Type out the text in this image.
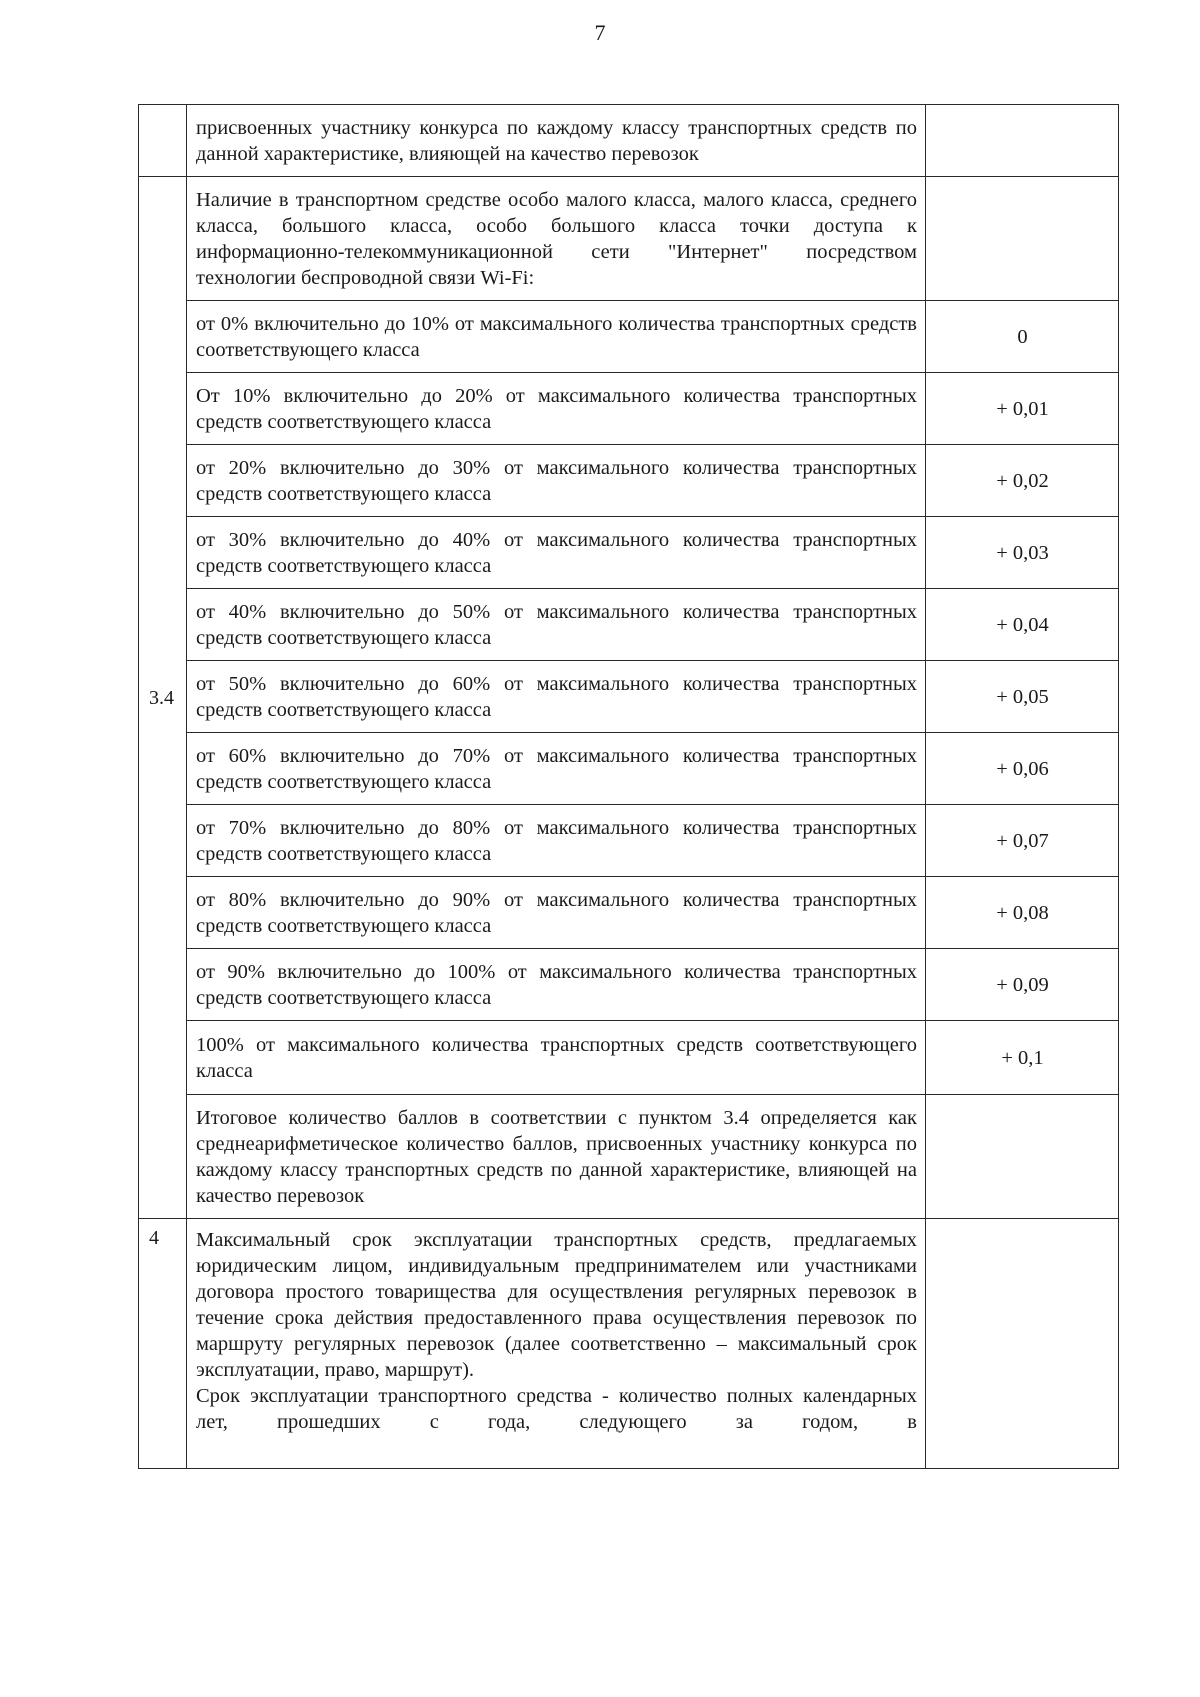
7
	присвоенных участнику конкурса по каждому классу транспортных средств по данной характеристике, влияющей на качество перевозок	
3.4	Наличие в транспортном средстве особо малого класса, малого класса, среднего класса, большого класса, особо большого класса точки доступа к информационно-телекоммуникационной сети "Интернет" посредством технологии беспроводной связи Wi-Fi:	
	от 0% включительно до 10% от максимального количества транспортных средств соответствующего класса	0
	От 10% включительно до 20% от максимального количества транспортных средств соответствующего класса	+ 0,01
	от 20% включительно до 30% от максимального количества транспортных средств соответствующего класса	+ 0,02
	от 30% включительно до 40% от максимального количества транспортных средств соответствующего класса	+ 0,03
	от 40% включительно до 50% от максимального количества транспортных средств соответствующего класса	+ 0,04
	от 50% включительно до 60% от максимального количества транспортных средств соответствующего класса	+ 0,05
	от 60% включительно до 70% от максимального количества транспортных средств соответствующего класса	+ 0,06
	от 70% включительно до 80% от максимального количества транспортных средств соответствующего класса	+ 0,07
	от 80% включительно до 90% от максимального количества транспортных средств соответствующего класса	+ 0,08
	от 90% включительно до 100% от максимального количества транспортных средств соответствующего класса	+ 0,09
	100% от максимального количества транспортных средств соответствующего класса	+ 0,1
	Итоговое количество баллов в соответствии с пунктом 3.4 определяется как среднеарифметическое количество баллов, присвоенных участнику конкурса по каждому классу транспортных средств по данной характеристике, влияющей на качество перевозок	
4	Максимальный срок эксплуатации транспортных средств, предлагаемых юридическим лицом, индивидуальным предпринимателем или участниками договора простого товарищества для осуществления регулярных перевозок в течение срока действия предоставленного права осуществления перевозок по маршруту регулярных перевозок (далее соответственно – максимальный срок эксплуатации, право, маршрут).

Срок эксплуатации транспортного средства - количество полных календарных лет, прошедших с года, следующего за годом, в	
